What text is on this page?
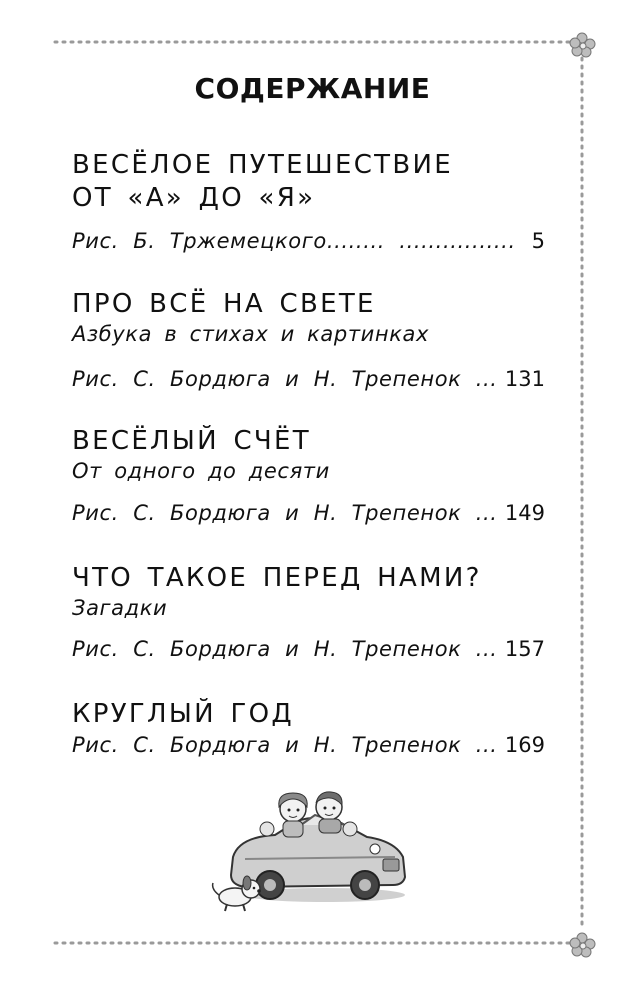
СОДЕРЖАНИЕ
ВЕСЁЛОЕ ПУТЕШЕСТВИЕ
ОТ «А» ДО «Я»
Рис. Б. Тржемецкого........ ................ 5
ПРО ВСЁ НА СВЕТЕ
Азбука в стихах и картинках
Рис. С. Бордюга и Н. Трепенок ... 131
ВЕСЁЛЫЙ СЧЁТ
От одного до десяти
Рис. С. Бордюга и Н. Трепенок ... 149
ЧТО ТАКОЕ ПЕРЕД НАМИ?
Загадки
Рис. С. Бордюга и Н. Трепенок ... 157
КРУГЛЫЙ ГОД
Рис. С. Бордюга и Н. Трепенок ... 169
